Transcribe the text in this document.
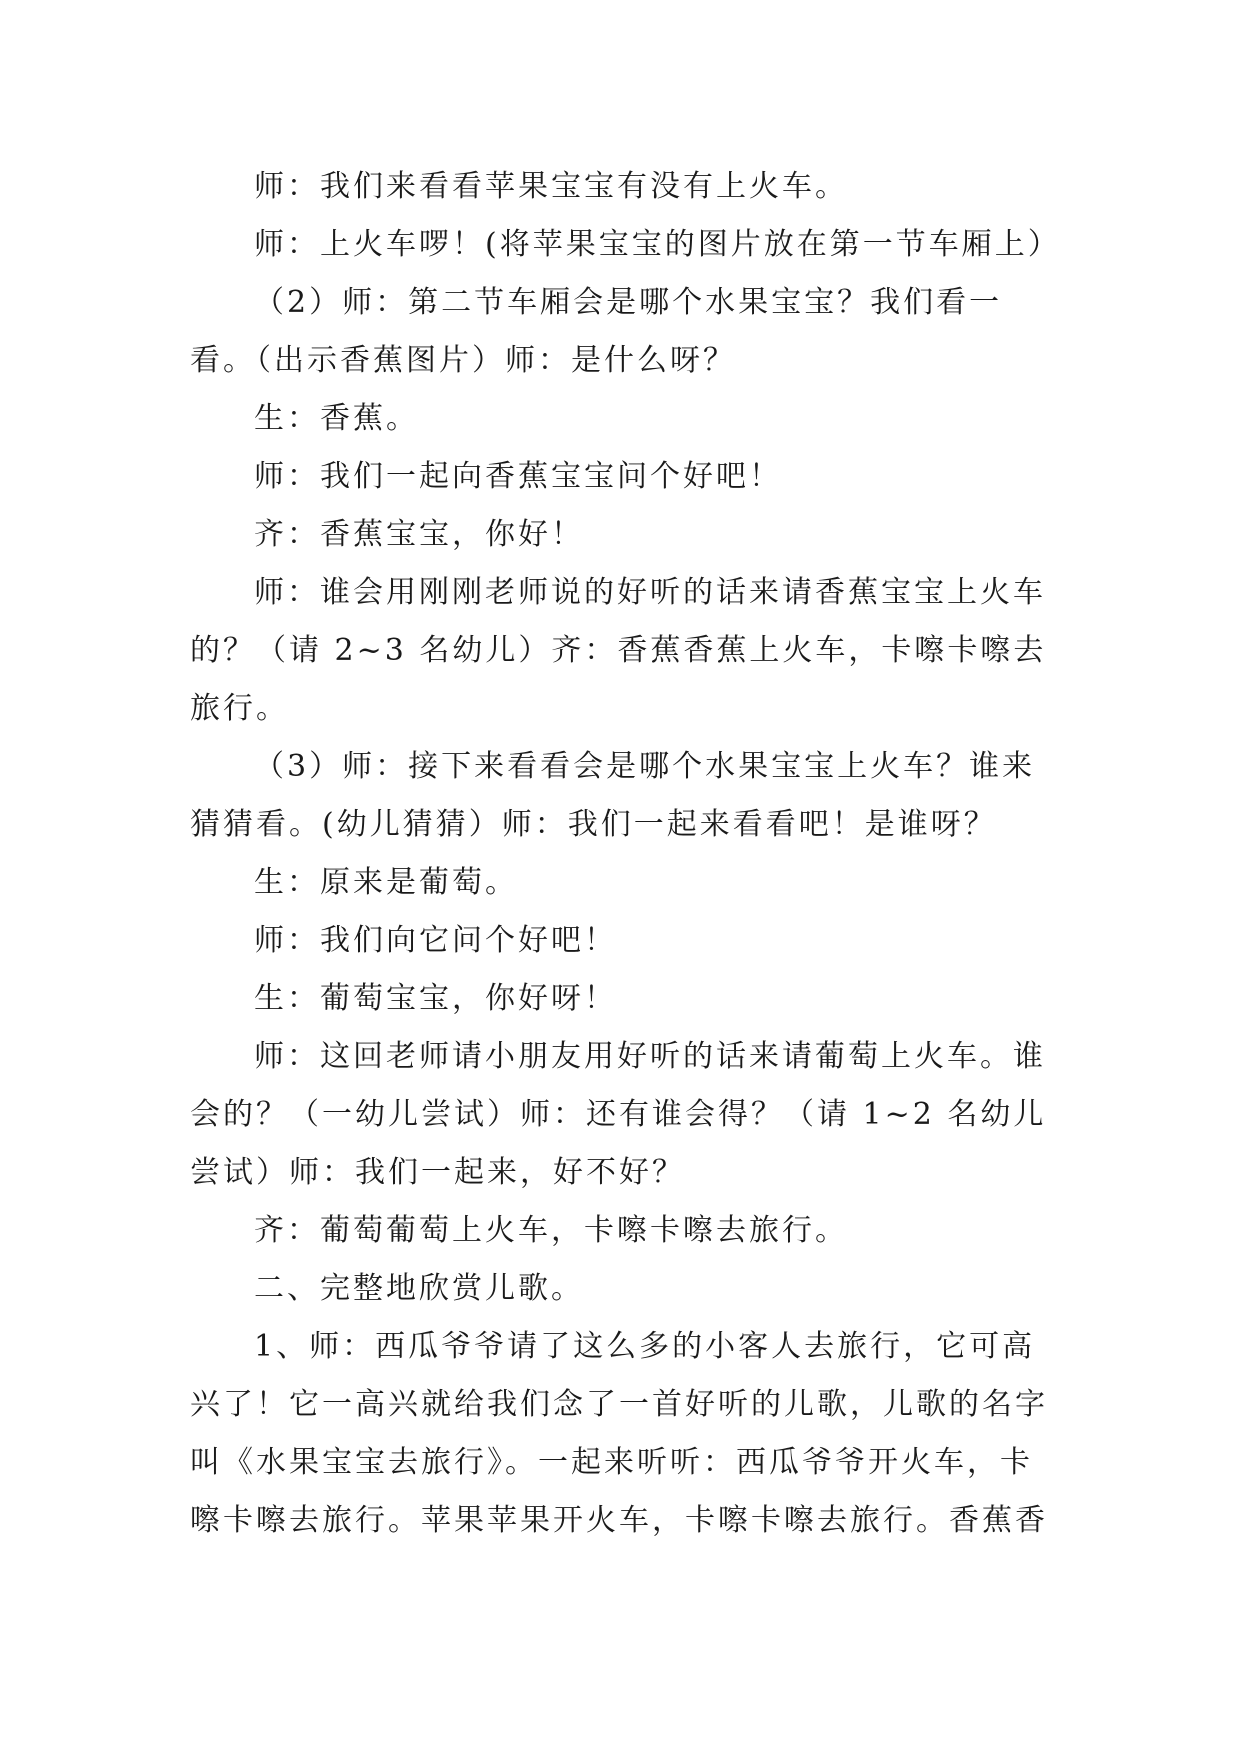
师：我们来看看苹果宝宝有没有上火车。

师：上火车啰！(将苹果宝宝的图片放在第一节车厢上）

（2）师：第二节车厢会是哪个水果宝宝？我们看一看。（出示香蕉图片）师：是什么呀？

生：香蕉。

师：我们一起向香蕉宝宝问个好吧！

齐：香蕉宝宝，你好！

师：谁会用刚刚老师说的好听的话来请香蕉宝宝上火车的？（请 2~3 名幼儿）齐：香蕉香蕉上火车，卡嚓卡嚓去旅行。

（3）师：接下来看看会是哪个水果宝宝上火车？谁来猜猜看。(幼儿猜猜）师：我们一起来看看吧！是谁呀？

生：原来是葡萄。

师：我们向它问个好吧！

生：葡萄宝宝，你好呀！

师：这回老师请小朋友用好听的话来请葡萄上火车。谁会的？（一幼儿尝试）师：还有谁会得？（请 1~2 名幼儿尝试）师：我们一起来，好不好？

齐：葡萄葡萄上火车，卡嚓卡嚓去旅行。

二、完整地欣赏儿歌。

1、师：西瓜爷爷请了这么多的小客人去旅行，它可高兴了！它一高兴就给我们念了一首好听的儿歌，儿歌的名字叫《水果宝宝去旅行》。一起来听听：西瓜爷爷开火车，卡嚓卡嚓去旅行。苹果苹果开火车，卡嚓卡嚓去旅行。香蕉香
